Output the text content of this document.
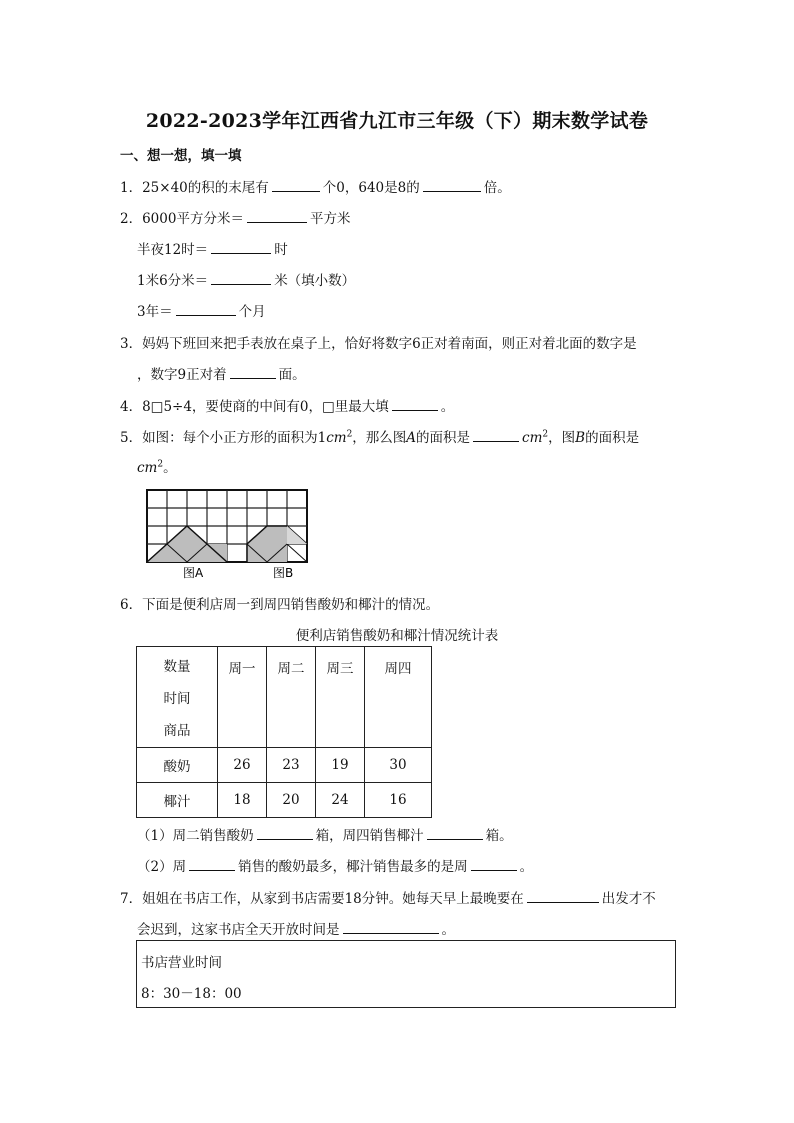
2022-2023学年江西省九江市三年级（下）期末数学试卷
一、想一想，填一填
1．25×40的积的末尾有	个0，640是8的	倍。
2．6000平方分米＝	平方米
半夜12时＝	时
1米6分米＝	米（填小数）
3年＝	个月
3．妈妈下班回来把手表放在桌子上，恰好将数字6正对着南面，则正对着北面的数字是
，数字9正对着	面。
4．8□5÷4，要使商的中间有0，□里最大填	。
5．如图：每个小正方形的面积为$1cm^2$，那么图A的面积是	$cm^2$，图B的面积是
$cm^2$。
图A	图B
6．下面是便利店周一到周四销售酸奶和椰汁的情况。
便利店销售酸奶和椰汁情况统计表
数量
时间
商品	周一	周二	周三	周四
酸奶	26	23	19	30
椰汁	18	20	24	16
（1）周二销售酸奶	箱，周四销售椰汁	箱。
（2）周	销售的酸奶最多，椰汁销售最多的是周	。
7．姐姐在书店工作，从家到书店需要18分钟。她每天早上最晚要在	出发才不
会迟到，这家书店全天开放时间是	。
书店营业时间
8：30－18：00
